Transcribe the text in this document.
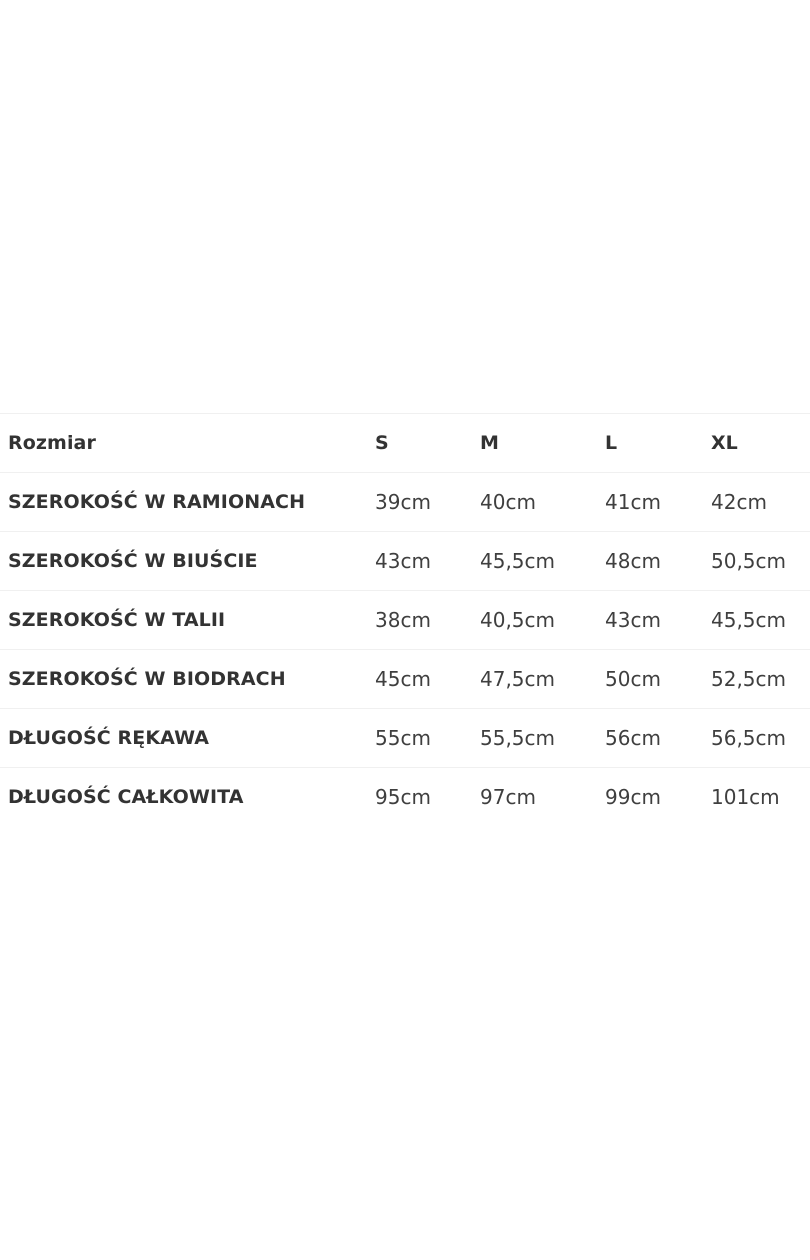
Rozmiar	S	M	L	XL
SZEROKOŚĆ W RAMIONACH	39cm	40cm	41cm	42cm
SZEROKOŚĆ W BIUŚCIE	43cm	45,5cm	48cm	50,5cm
SZEROKOŚĆ W TALII	38cm	40,5cm	43cm	45,5cm
SZEROKOŚĆ W BIODRACH	45cm	47,5cm	50cm	52,5cm
DŁUGOŚĆ RĘKAWA	55cm	55,5cm	56cm	56,5cm
DŁUGOŚĆ CAŁKOWITA	95cm	97cm	99cm	101cm
